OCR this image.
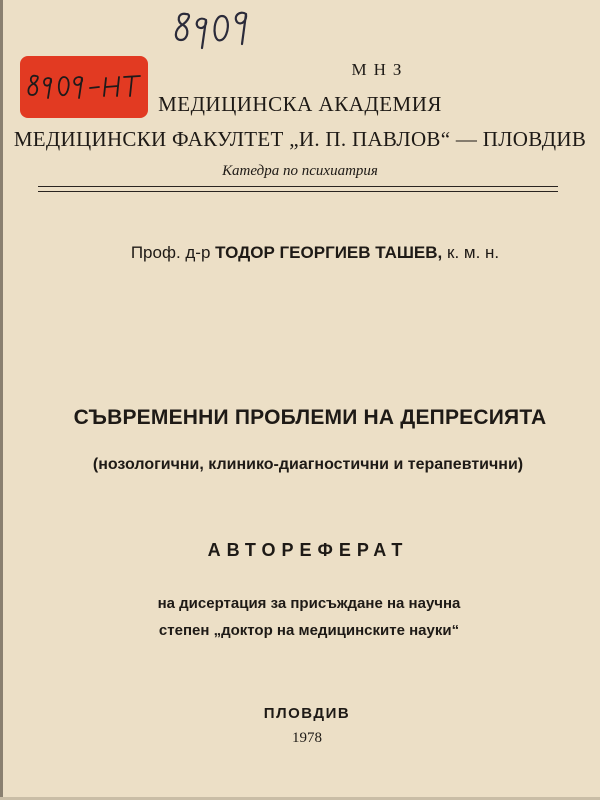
МНЗ
МЕДИЦИНСКА АКАДЕМИЯ
МЕДИЦИНСКИ ФАКУЛТЕТ „И. П. ПАВЛОВ“ — ПЛОВДИВ
Катедра по психиатрия
Проф. д-р ТОДОР ГЕОРГИЕВ ТАШЕВ, к. м. н.
СЪВРЕМЕННИ ПРОБЛЕМИ НА ДЕПРЕСИЯТА
(нозологични, клинико-диагностични и терапевтични)
АВТОРЕФЕРАТ
на дисертация за присъждане на научна
степен „доктор на медицинските науки“
ПЛОВДИВ
1978
